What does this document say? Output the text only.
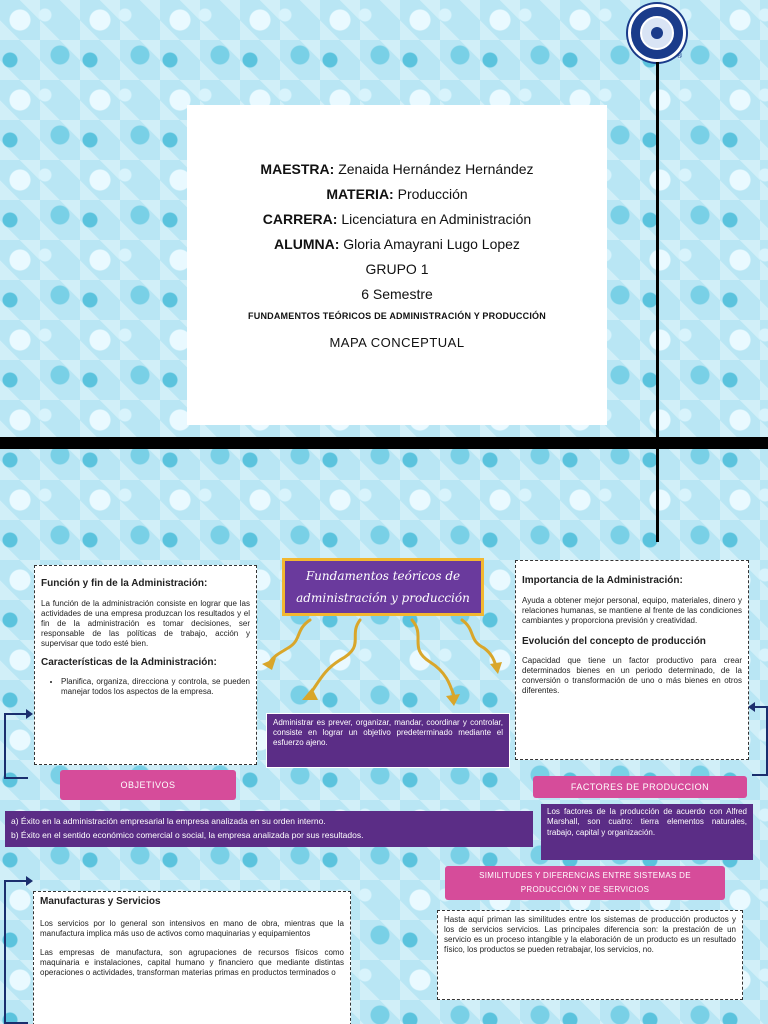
®
MAESTRA: Zenaida Hernández Hernández
MATERIA: Producción
CARRERA: Licenciatura en Administración
ALUMNA: Gloria Amayrani Lugo Lopez
GRUPO 1
6 Semestre
FUNDAMENTOS TEÓRICOS DE ADMINISTRACIÓN Y PRODUCCIÓN
MAPA CONCEPTUAL
Función y fin de la Administración:

La función de la administración consiste en lograr que las actividades de una empresa produzcan los resultados y el fin de la administración es tomar decisiones, ser responsable de las políticas de trabajo, acción y supervisar que todo esté bien.

Características de la Administración:
• Planifica, organiza, direcciona y controla, se pueden manejar todos los aspectos de la empresa.
Fundamentos teóricos de administración y producción
Administrar es prever, organizar, mandar, coordinar y controlar, consiste en lograr un objetivo predeterminado mediante el esfuerzo ajeno.
Importancia de la Administración:

Ayuda a obtener mejor personal, equipo, materiales, dinero y relaciones humanas, se mantiene al frente de las condiciones cambiantes y proporciona previsión y creatividad.

Evolución del concepto de producción

Capacidad que tiene un factor productivo para crear determinados bienes en un periodo determinado, de la conversión o transformación de uno o más bienes en otros diferentes.

OBJETIVOS	FACTORES DE PRODUCCION
a) Éxito en la administración empresarial la empresa analizada en su orden interno.
b) Éxito en el sentido económico comercial o social, la empresa analizada por sus resultados.
Los factores de la producción de acuerdo con Alfred Marshall, son cuatro: tierra elementos naturales, trabajo, capital y organización.
SIMILITUDES Y DIFERENCIAS ENTRE SISTEMAS DE
PRODUCCIÓN Y DE SERVICIOS

Hasta aquí priman las similitudes entre los sistemas de producción productos y los de servicios servicios. Las principales diferencia son: la prestación de un servicio es un proceso intangible y la elaboración de un producto es un resultado físico, los productos se pueden retrabajar, los servicios, no.

Manufacturas y Servicios

Los servicios por lo general son intensivos en mano de obra, mientras que la manufactura implica más uso de activos como maquinarias y equipamientos

Las empresas de manufactura, son agrupaciones de recursos físicos como maquinaria e instalaciones, capital humano y financiero que mediante distintas operaciones o actividades, transforman materias primas en productos terminados o
